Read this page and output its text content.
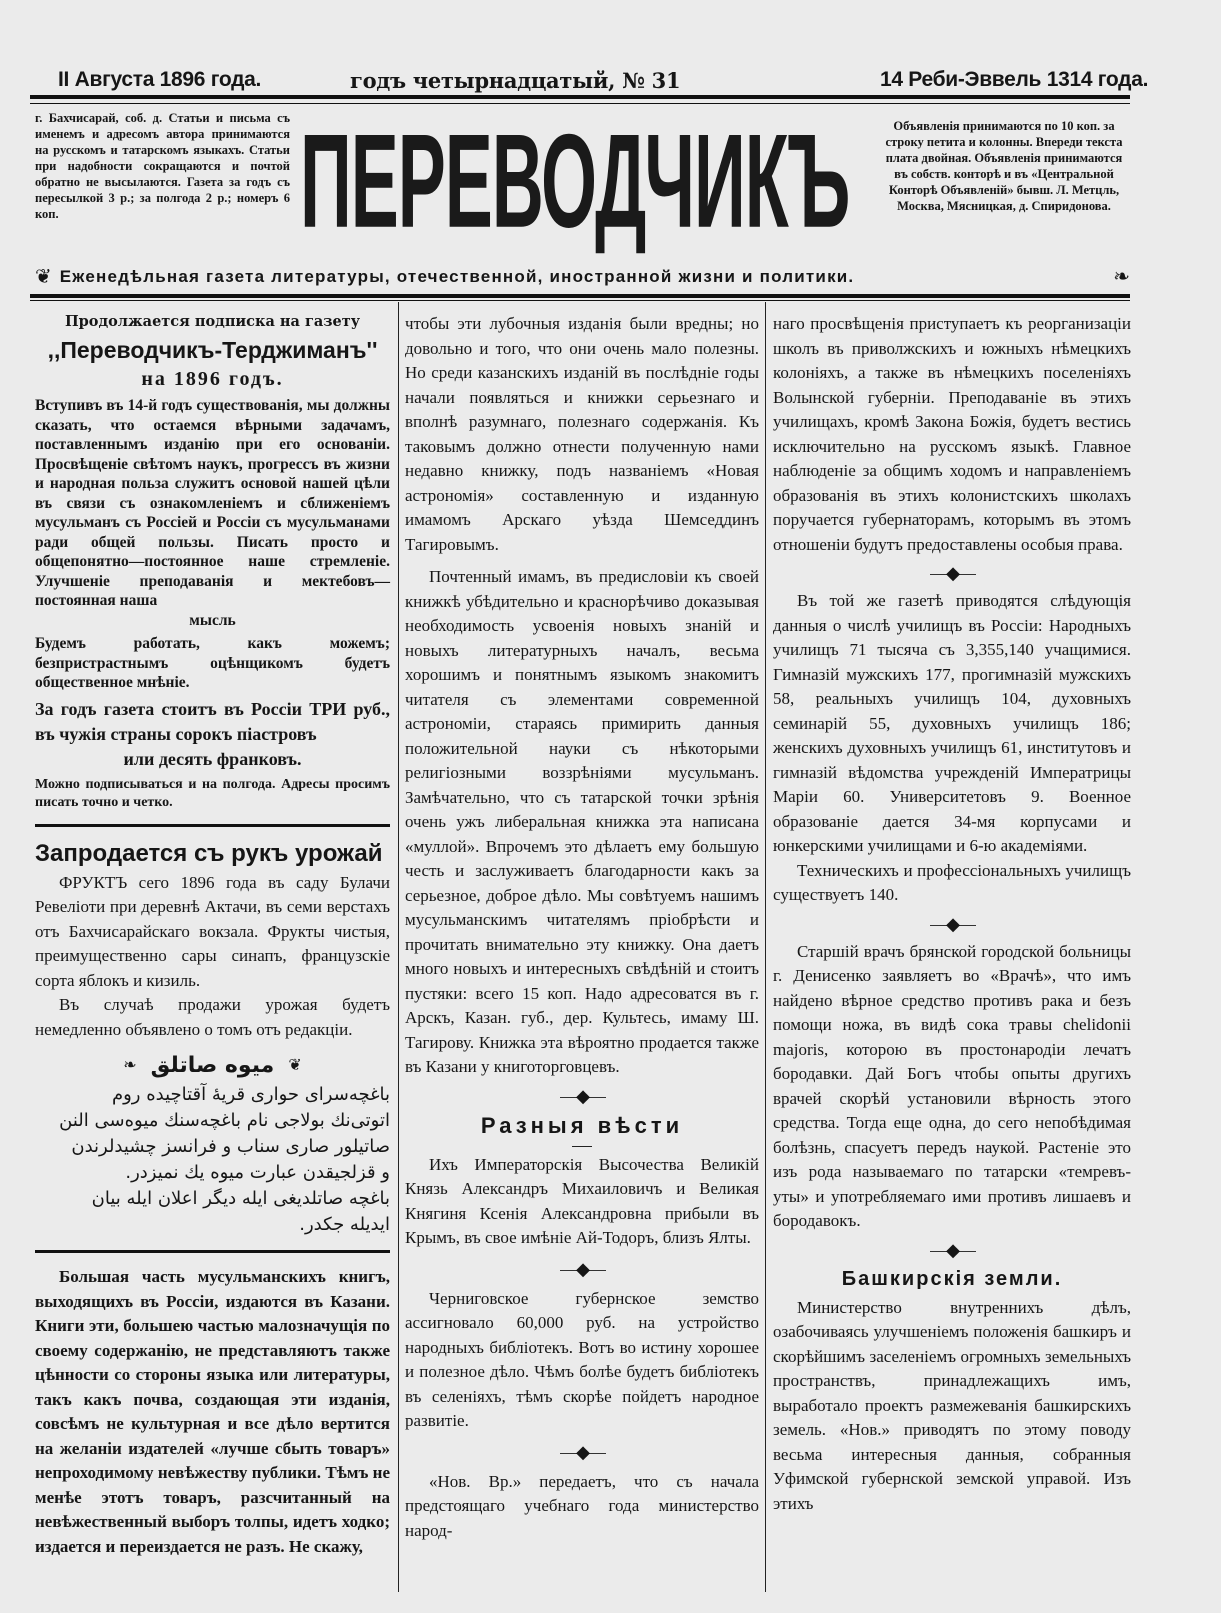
II Августа 1896 года.	годъ четырнадцатый, № 31	14 Реби-Эввель 1314 года.
г. Бахчисарай, соб. д. Статьи и письма съ именемъ и адресомъ автора принимаются на русскомъ и татарскомъ языкахъ. Статьи при надобности сокращаются и почтой обратно не высылаются. Газета за годъ съ пересылкой 3 р.; за полгода 2 р.; номеръ 6 коп.	ПЕРЕВОДЧИКЪ	Объявленія принимаются по 10 коп. за строку петита и колонны. Впереди текста плата двойная. Объявленія принимаются въ собств. конторѣ и въ «Центральной Конторѣ Объявленій» бывш. Л. Метцль, Москва, Мясницкая, д. Спиридонова.
❦ Еженедѣльная газета литературы, отечественной, иностранной жизни и политики.	❧
Продолжается подписка на газету
,,Переводчикъ-Терджиманъ''
на 1896 годъ.

Вступивъ въ 14-й годъ существованія, мы должны сказать, что остаемся вѣрными задачамъ, поставленнымъ изданію при его основаніи. Просвѣщеніе свѣтомъ наукъ, прогрессъ въ жизни и народная польза служитъ основой нашей цѣли въ связи съ ознакомленіемъ и сближеніемъ мусульманъ съ Россіей и Россіи съ мусульманами ради общей пользы. Писать просто и общепонятно—постоянное наше стремленіе. Улучшеніе преподаванія и мектебовъ—постоянная наша

мысль

Будемъ работать, какъ можемъ; безпристрастнымъ оцѣнщикомъ будетъ общественное мнѣніе.

За годъ газета стоитъ въ Россіи ТРИ руб., въ чужія страны сорокъ піастровъ

или десять франковъ.

Можно подписываться и на полгода. Адресы просимъ писать точно и четко.

Запродается съ рукъ урожай

ФРУКТЪ сего 1896 года въ саду Булачи Ревеліоти при деревнѣ Актачи, въ семи верстахъ отъ Бахчисарайскаго вокзала. Фрукты чистыя, преимущественно сары синапъ, французскіе сорта яблокъ и кизиль.

Въ случаѣ продажи урожая будетъ немедленно объявлено о томъ отъ редакціи.

❧ میوه صاتلق ❦
باغچه‌سرای حواری قریهٔ آقتاچیده روم
اتوتی‌نك بولاجی نام باغچه‌سنك میوه‌سی النن
صاتیلور صاری سناب و فرانسز چشیدلرندن
و قزلجیقدن عبارت میوه یك نمیزدر.
باغچه صاتلدیغی ایله دیگر اعلان ایله بیان
ایدیله جکدر.

Большая часть мусульманскихъ книгъ, выходящихъ въ Россіи, издаются въ Казани. Книги эти, большею частью малозначущія по своему содержанію, не представляютъ также цѣнности со стороны языка или литературы, такъ какъ почва, создающая эти изданія, совсѣмъ не культурная и все дѣло вертится на желаніи издателей «лучше сбыть товаръ» непроходимому невѣжеству публики. Тѣмъ не менѣе этотъ товаръ, разсчитанный на невѣжественный выборъ толпы, идетъ ходко; издается и переиздается не разъ. Не скажу,

чтобы эти лубочныя изданія были вредны; но довольно и того, что они очень мало полезны. Но среди казанскихъ изданій въ послѣдніе годы начали появляться и книжки серьезнаго и вполнѣ разумнаго, полезнаго содержанія. Къ таковымъ должно отнести полученную нами недавно книжку, подъ названіемъ «Новая астрономія» составленную и изданную имамомъ Арскаго уѣзда Шемседдинъ Тагировымъ.

Почтенный имамъ, въ предисловіи къ своей книжкѣ убѣдительно и краснорѣчиво доказывая необходимость усвоенія новыхъ знаній и новыхъ литературныхъ началъ, весьма хорошимъ и понятнымъ языкомъ знакомитъ читателя съ элементами современной астрономіи, стараясь примирить данныя положительной науки съ нѣкоторыми религіозными воззрѣніями мусульманъ. Замѣчательно, что съ татарской точки зрѣнія очень ужъ либеральная книжка эта написана «муллой». Впрочемъ это дѣлаетъ ему большую честь и заслуживаетъ благодарности какъ за серьезное, доброе дѣло. Мы совѣтуемъ нашимъ мусульманскимъ читателямъ пріобрѣсти и прочитать внимательно эту книжку. Она даетъ много новыхъ и интересныхъ свѣдѣній и стоитъ пустяки: всего 15 коп. Надо адресоватся въ г. Арскъ, Казан. губ., дер. Культесь, имаму Ш. Тагирову. Книжка эта вѣроятно продается также въ Казани у книготорговцевъ.

—◆—
Разныя вѣсти

Ихъ Императорскія Высочества Великій Князь Александръ Михаиловичъ и Великая Княгиня Ксенія Александровна прибыли въ Крымъ, въ свое имѣніе Ай-Тодоръ, близъ Ялты.

—◆—

Черниговское губернское земство ассигновало 60,000 руб. на устройство народныхъ библіотекъ. Вотъ во истину хорошее и полезное дѣло. Чѣмъ болѣе будетъ библіотекъ въ селеніяхъ, тѣмъ скорѣе пойдетъ народное развитіе.

—◆—

«Нов. Вр.» передаетъ, что съ начала предстоящаго учебнаго года министерство народ-

наго просвѣщенія приступаетъ къ реорганизаціи школъ въ приволжскихъ и южныхъ нѣмецкихъ колоніяхъ, а также въ нѣмецкихъ поселеніяхъ Волынской губерніи. Преподаваніе въ этихъ училищахъ, кромѣ Закона Божія, будетъ вестись исключительно на русскомъ языкѣ. Главное наблюденіе за общимъ ходомъ и направленіемъ образованія въ этихъ колонистскихъ школахъ поручается губернаторамъ, которымъ въ этомъ отношеніи будутъ предоставлены особыя права.

—◆—

Въ той же газетѣ приводятся слѣдующія данныя о числѣ училищъ въ Россіи: Народныхъ училищъ 71 тысяча съ 3,355,140 учащимися. Гимназій мужскихъ 177, прогимназій мужскихъ 58, реальныхъ училищъ 104, духовныхъ семинарій 55, духовныхъ училищъ 186; женскихъ духовныхъ училищъ 61, институтовъ и гимназій вѣдомства учрежденій Императрицы Маріи 60. Университетовъ 9. Военное образованіе дается 34-мя корпусами и юнкерскими училищами и 6-ю академіями.

Техническихъ и профессіональныхъ училищъ существуетъ 140.

—◆—

Старшій врачъ брянской городской больницы г. Денисенко заявляетъ во «Врачѣ», что имъ найдено вѣрное средство противъ рака и безъ помощи ножа, въ видѣ сока травы chelidonii majoris, которою въ простонародіи лечатъ бородавки. Дай Богъ чтобы опыты другихъ врачей скорѣй установили вѣрность этого средства. Тогда еще одна, до сего непобѣдимая болѣзнь, спасуетъ передъ наукой. Растеніе это изъ рода называемаго по татарски «темревъ-уты» и употребляемаго ими противъ лишаевъ и бородавокъ.

—◆—
Башкирскія земли.

Министерство внутреннихъ дѣлъ, озабочиваясь улучшеніемъ положенія башкиръ и скорѣйшимъ заселеніемъ огромныхъ земельныхъ пространствъ, принадлежащихъ имъ, выработало проектъ размежеванія башкирскихъ земель. «Нов.» приводятъ по этому поводу весьма интересныя данныя, собранныя Уфимской губернской земской управой. Изъ этихъ
